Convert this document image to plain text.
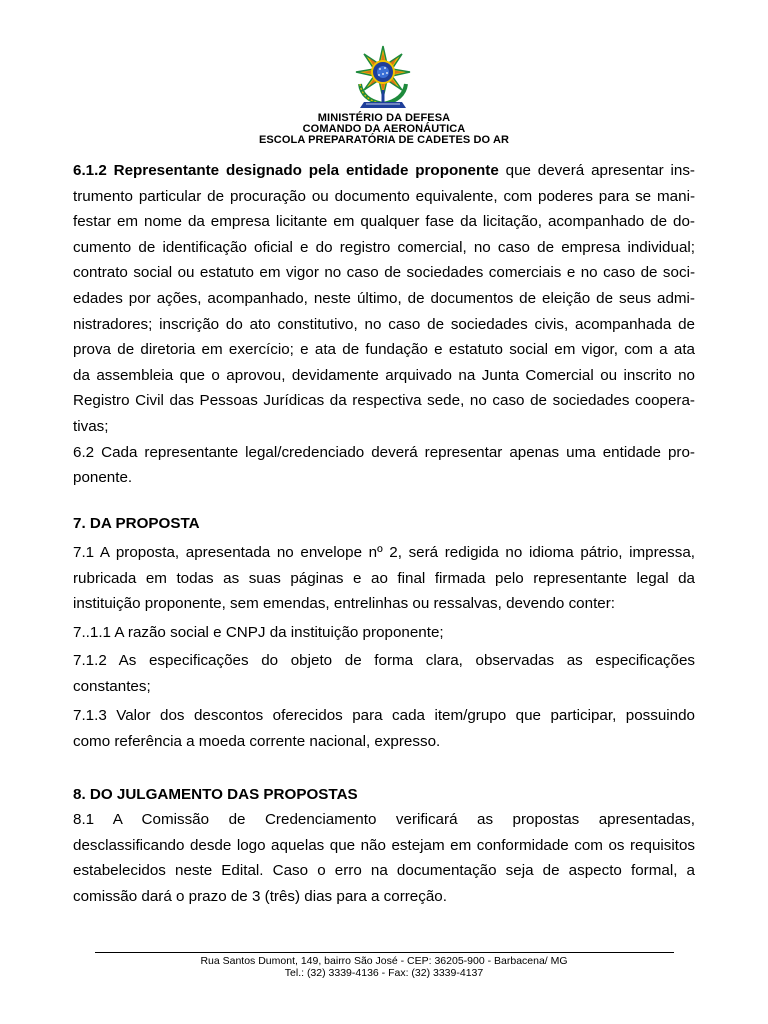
MINISTÉRIO DA DEFESA
COMANDO DA AERONÁUTICA
ESCOLA PREPARATÓRIA DE CADETES DO AR
6.1.2 Representante designado pela entidade proponente que deverá apresentar ins-
trumento particular de procuração ou documento equivalente, com poderes para se mani-
festar em nome da empresa licitante em qualquer fase da licitação, acompanhado de do-
cumento de identificação oficial e do registro comercial, no caso de empresa individual;
contrato social ou estatuto em vigor no caso de sociedades comerciais e no caso de soci-
edades por ações, acompanhado, neste último, de documentos de eleição de seus admi-
nistradores; inscrição do ato constitutivo, no caso de sociedades civis, acompanhada de
prova de diretoria em exercício; e ata de fundação e estatuto social em vigor, com a ata
da assembleia que o aprovou, devidamente arquivado na Junta Comercial ou inscrito no
Registro Civil das Pessoas Jurídicas da respectiva sede, no caso de sociedades coopera-
tivas;
6.2 Cada representante legal/credenciado deverá representar apenas uma entidade pro-
ponente.
7. DA PROPOSTA
7.1 A proposta, apresentada no envelope nº 2, será redigida no idioma pátrio, impressa,
rubricada em todas as suas páginas e ao final firmada pelo representante legal da
instituição proponente, sem emendas, entrelinhas ou ressalvas, devendo conter:
7..1.1 A razão social e CNPJ da instituição proponente;
7.1.2 As especificações do objeto de forma clara, observadas as especificações
constantes;
7.1.3 Valor dos descontos oferecidos para cada item/grupo que participar, possuindo
como referência a moeda corrente nacional, expresso.
8. DO JULGAMENTO DAS PROPOSTAS
8.1 A Comissão de Credenciamento verificará as propostas apresentadas,
desclassificando desde logo aquelas que não estejam em conformidade com os requisitos
estabelecidos neste Edital. Caso o erro na documentação seja de aspecto formal, a
comissão dará o prazo de 3 (três) dias para a correção.
Rua Santos Dumont, 149, bairro São José - CEP: 36205-900 - Barbacena/ MG
Tel.: (32) 3339-4136 - Fax: (32) 3339-4137
